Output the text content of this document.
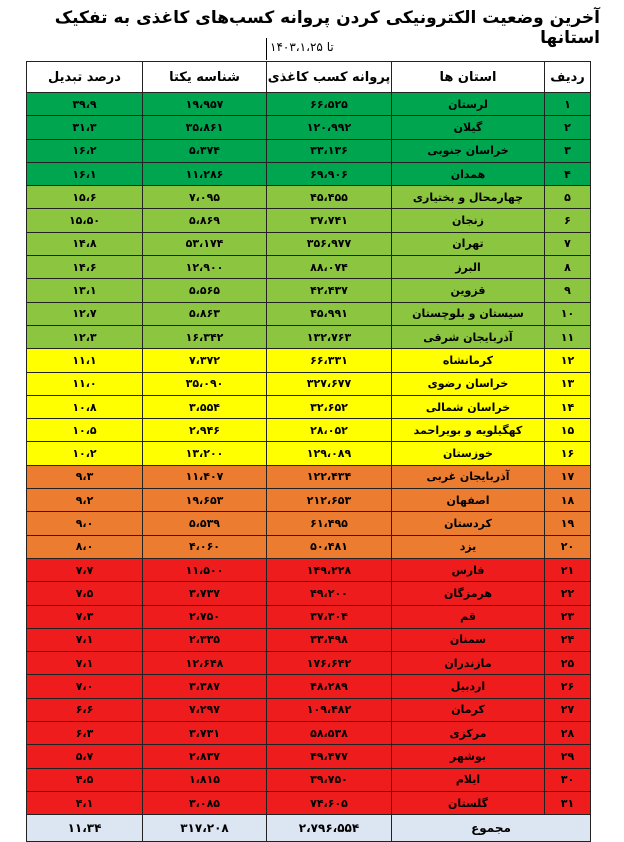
آخرین وضعیت الکترونیکی کردن پروانه کسب‌های کاغذی به تفکیک استانها
تا ۱۴۰۳،۱،۲۵
ردیف	استان ها	پروانه کسب کاغذی	شناسه یکتا	درصد تبدیل
۱	لرستان	۶۶،۵۲۵	۱۹،۹۵۷	۳۹،۹
۲	گیلان	۱۲۰،۹۹۲	۳۵،۸۶۱	۳۱،۳
۳	خراسان جنوبی	۳۳،۱۳۶	۵،۳۷۴	۱۶،۲
۴	همدان	۶۹،۹۰۶	۱۱،۲۸۶	۱۶،۱
۵	چهارمحال و بختیاری	۴۵،۴۵۵	۷،۰۹۵	۱۵،۶
۶	زنجان	۳۷،۷۴۱	۵،۸۶۹	۱۵،۵۰
۷	تهران	۳۵۶،۹۷۷	۵۳،۱۷۴	۱۴،۸
۸	البرز	۸۸،۰۷۴	۱۲،۹۰۰	۱۴،۶
۹	قزوین	۴۲،۴۳۷	۵،۵۶۵	۱۳،۱
۱۰	سیستان و بلوچستان	۴۵،۹۹۱	۵،۸۶۳	۱۲،۷
۱۱	آذربایجان شرقی	۱۳۲،۷۶۳	۱۶،۳۴۲	۱۲،۳
۱۲	کرمانشاه	۶۶،۳۳۱	۷،۳۷۲	۱۱،۱
۱۳	خراسان رضوی	۳۲۷،۶۷۷	۳۵،۰۹۰	۱۱،۰
۱۴	خراسان شمالی	۳۲،۶۵۲	۳،۵۵۴	۱۰،۸
۱۵	کهگیلویه و بویراحمد	۲۸،۰۵۲	۲،۹۴۶	۱۰،۵
۱۶	خوزستان	۱۲۹،۰۸۹	۱۳،۲۰۰	۱۰،۲
۱۷	آذربایجان غربی	۱۲۲،۴۳۴	۱۱،۴۰۷	۹،۳
۱۸	اصفهان	۲۱۲،۶۵۳	۱۹،۶۵۳	۹،۲
۱۹	کردستان	۶۱،۴۹۵	۵،۵۳۹	۹،۰
۲۰	یزد	۵۰،۴۸۱	۴،۰۶۰	۸،۰
۲۱	فارس	۱۴۹،۲۲۸	۱۱،۵۰۰	۷،۷
۲۲	هرمزگان	۴۹،۲۰۰	۳،۷۳۷	۷،۵
۲۳	قم	۳۷،۳۰۴	۲،۷۵۰	۷،۳
۲۴	سمنان	۳۳،۴۹۸	۲،۳۳۵	۷،۱
۲۵	مازندران	۱۷۶،۶۴۲	۱۲،۶۴۸	۷،۱
۲۶	اردبیل	۴۸،۲۸۹	۳،۳۸۷	۷،۰
۲۷	کرمان	۱۰۹،۴۸۲	۷،۲۹۷	۶،۶
۲۸	مرکزی	۵۸،۵۳۸	۳،۷۳۱	۶،۳
۲۹	بوشهر	۴۹،۴۷۷	۲،۸۳۷	۵،۷
۳۰	ایلام	۳۹،۷۵۰	۱،۸۱۵	۴،۵
۳۱	گلستان	۷۴،۶۰۵	۳،۰۸۵	۴،۱
مجموع		۲،۷۹۶،۵۵۴	۳۱۷،۲۰۸	۱۱،۳۴
